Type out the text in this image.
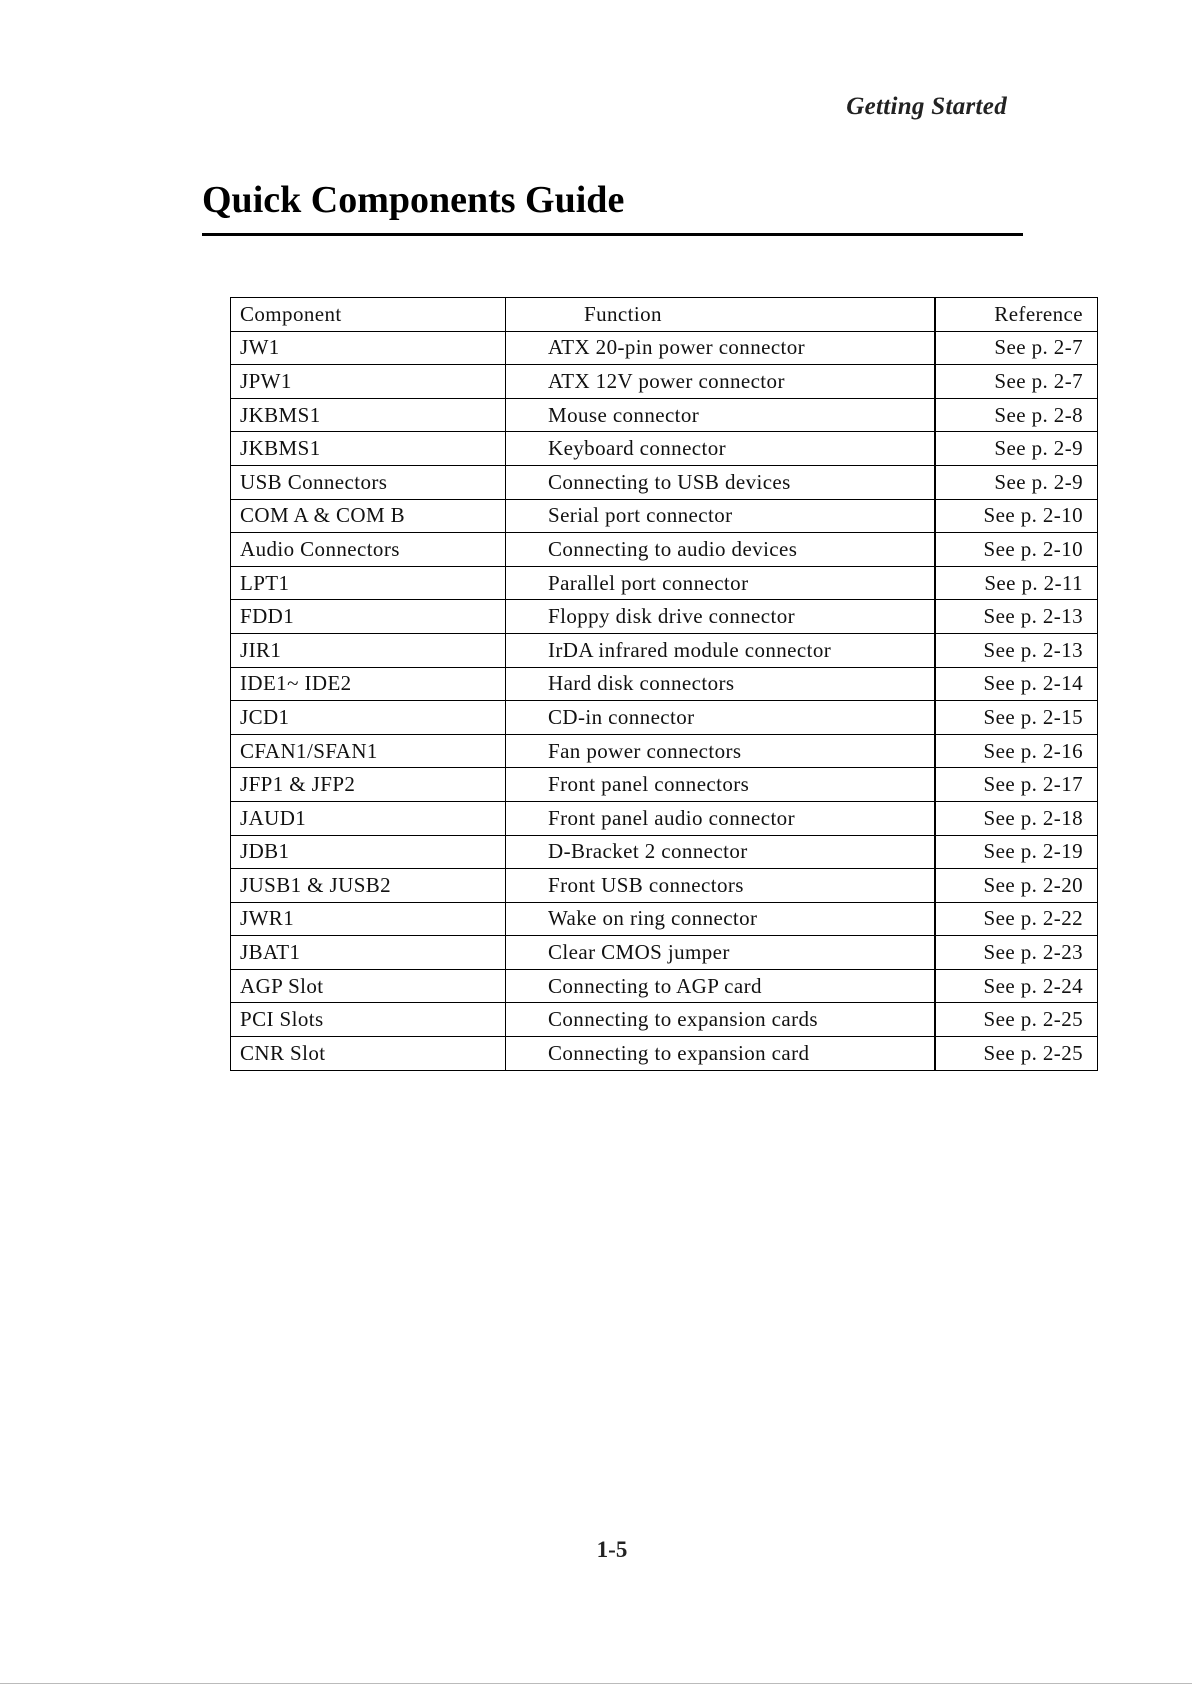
Getting Started
Quick Components Guide
Component	Function	Reference
JW1	ATX 20-pin power connector	See p. 2-7
JPW1	ATX 12V power connector	See p. 2-7
JKBMS1	Mouse connector	See p. 2-8
JKBMS1	Keyboard connector	See p. 2-9
USB Connectors	Connecting to USB devices	See p. 2-9
COM A & COM B	Serial port connector	See p. 2-10
Audio Connectors	Connecting to audio devices	See p. 2-10
LPT1	Parallel port connector	See p. 2-11
FDD1	Floppy disk drive connector	See p. 2-13
JIR1	IrDA infrared module connector	See p. 2-13
IDE1~ IDE2	Hard disk connectors	See p. 2-14
JCD1	CD-in connector	See p. 2-15
CFAN1/SFAN1	Fan power connectors	See p. 2-16
JFP1 & JFP2	Front panel connectors	See p. 2-17
JAUD1	Front panel audio connector	See p. 2-18
JDB1	D-Bracket 2 connector	See p. 2-19
JUSB1 & JUSB2	Front USB connectors	See p. 2-20
JWR1	Wake on ring connector	See p. 2-22
JBAT1	Clear CMOS jumper	See p. 2-23
AGP Slot	Connecting to AGP card	See p. 2-24
PCI Slots	Connecting to expansion cards	See p. 2-25
CNR Slot	Connecting to expansion card	See p. 2-25
1-5
